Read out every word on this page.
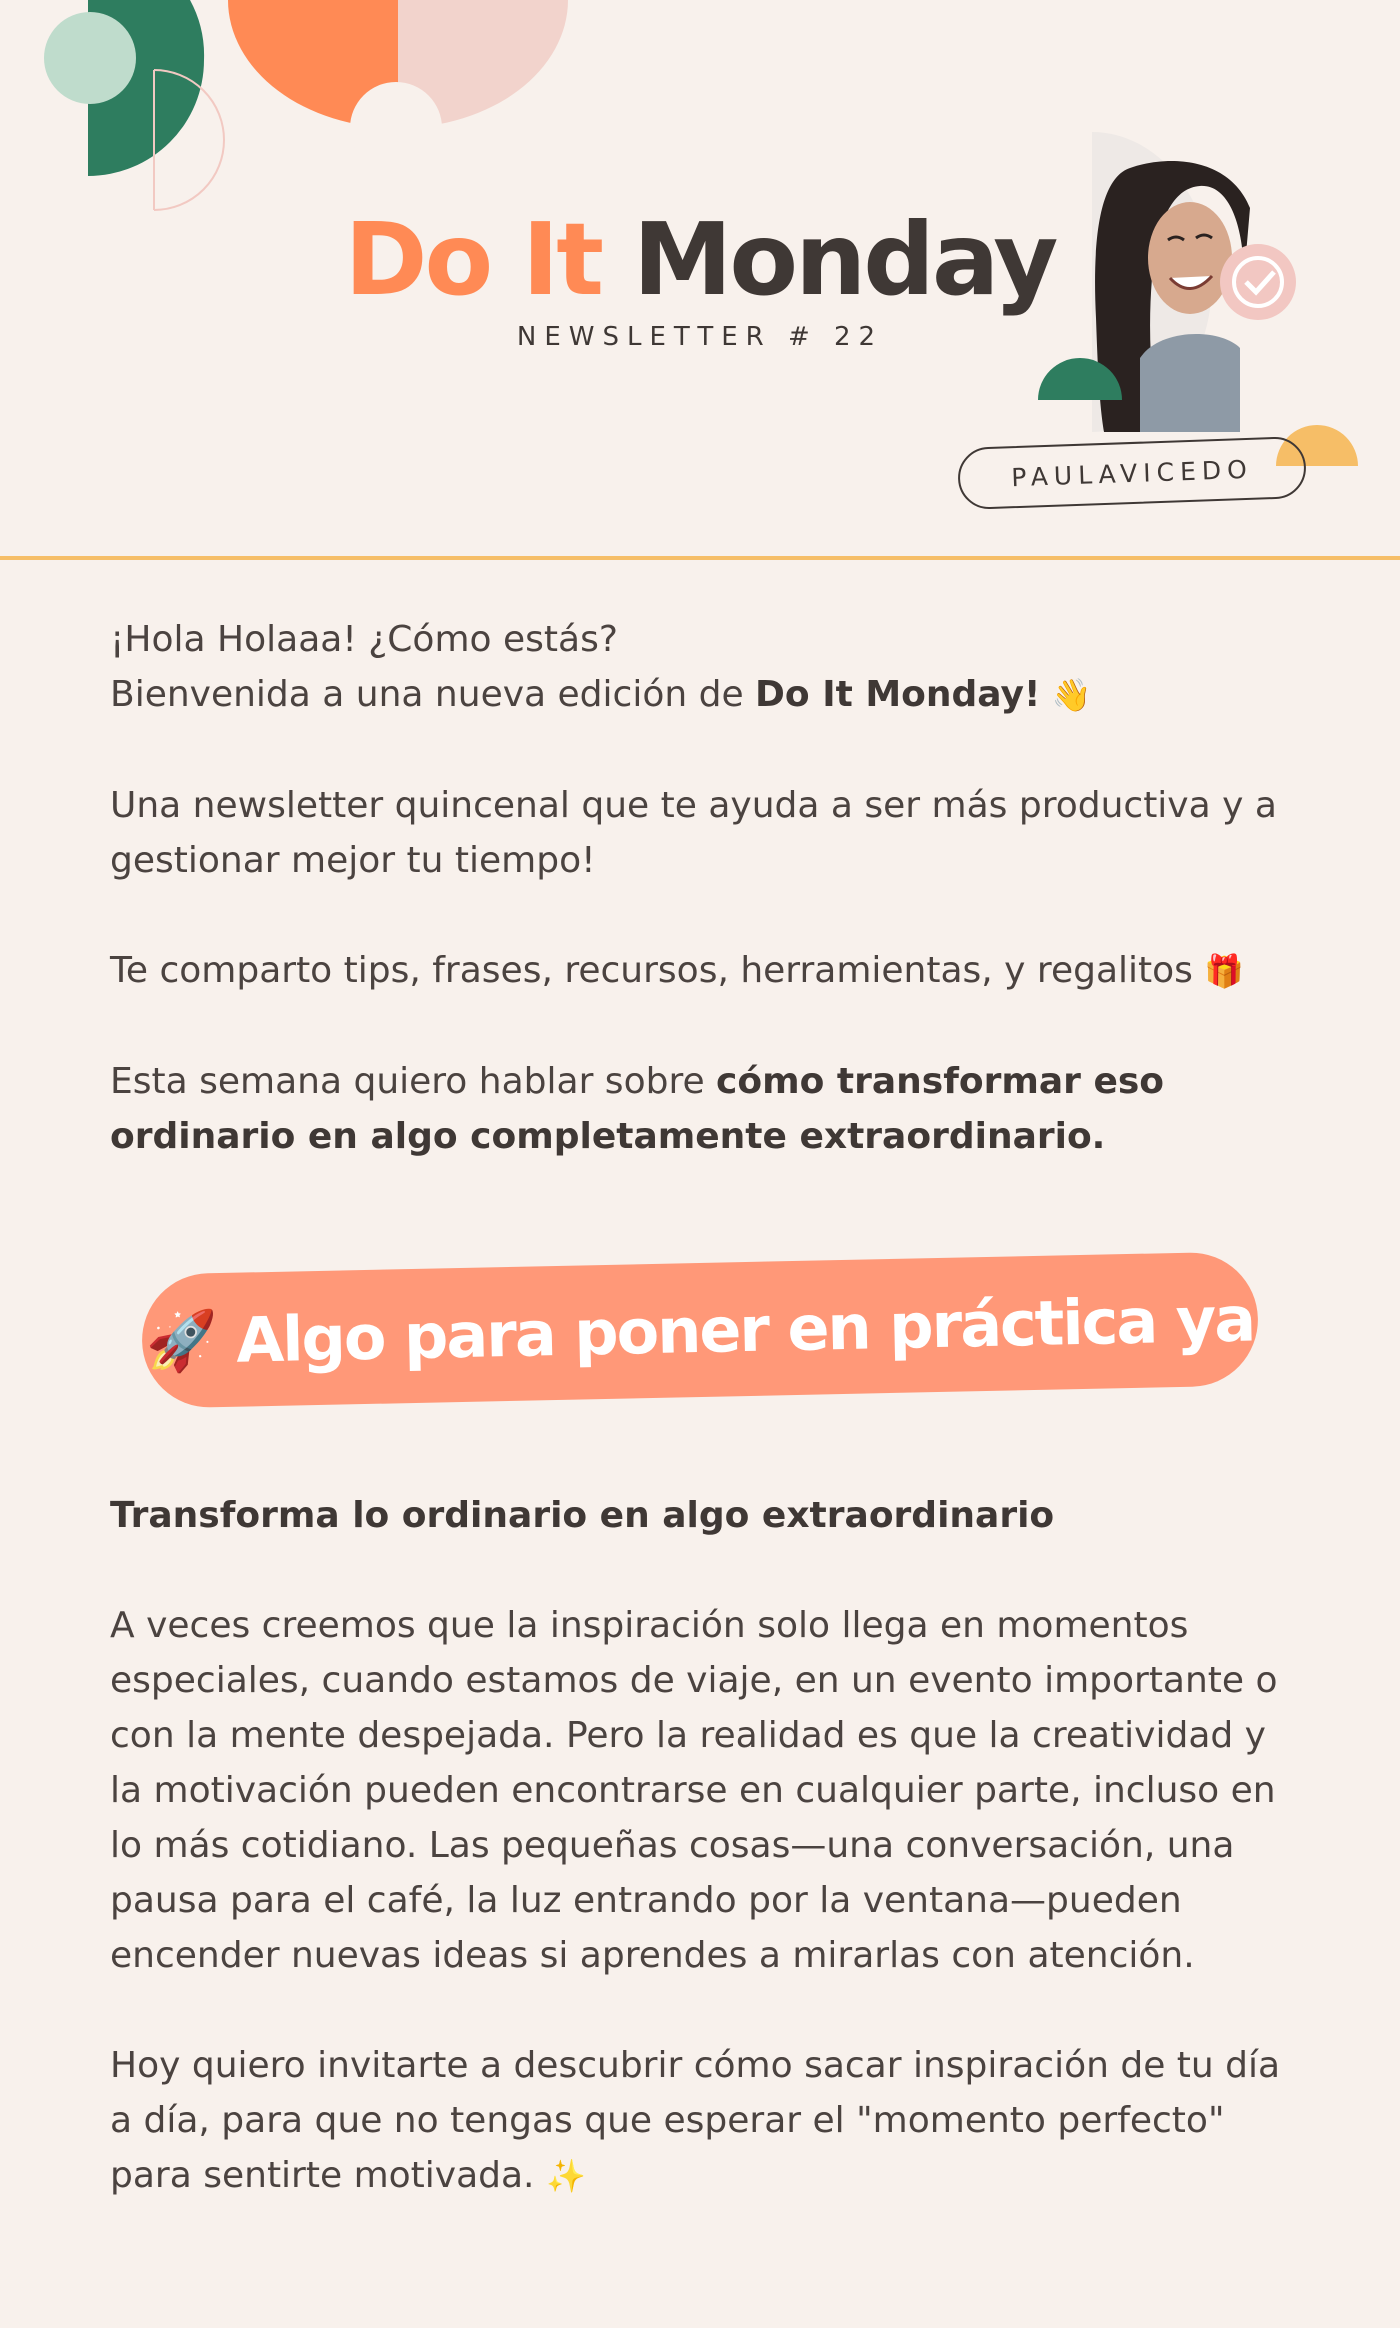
Do It Monday
NEWSLETTER # 22
PAULAVICEDO

¡Hola Holaaa! ¿Cómo estás?
Bienvenida a una nueva edición de Do It Monday! 👋

Una newsletter quincenal que te ayuda a ser más productiva y a gestionar mejor tu tiempo!

Te comparto tips, frases, recursos, herramientas, y regalitos 🎁

Esta semana quiero hablar sobre cómo transformar eso ordinario en algo completamente extraordinario.

🚀 Algo para poner en práctica ya

Transforma lo ordinario en algo extraordinario

A veces creemos que la inspiración solo llega en momentos especiales, cuando estamos de viaje, en un evento importante o con la mente despejada. Pero la realidad es que la creatividad y la motivación pueden encontrarse en cualquier parte, incluso en lo más cotidiano. Las pequeñas cosas—una conversación, una pausa para el café, la luz entrando por la ventana—pueden encender nuevas ideas si aprendes a mirarlas con atención.

Hoy quiero invitarte a descubrir cómo sacar inspiración de tu día a día, para que no tengas que esperar el "momento perfecto" para sentirte motivada. ✨
